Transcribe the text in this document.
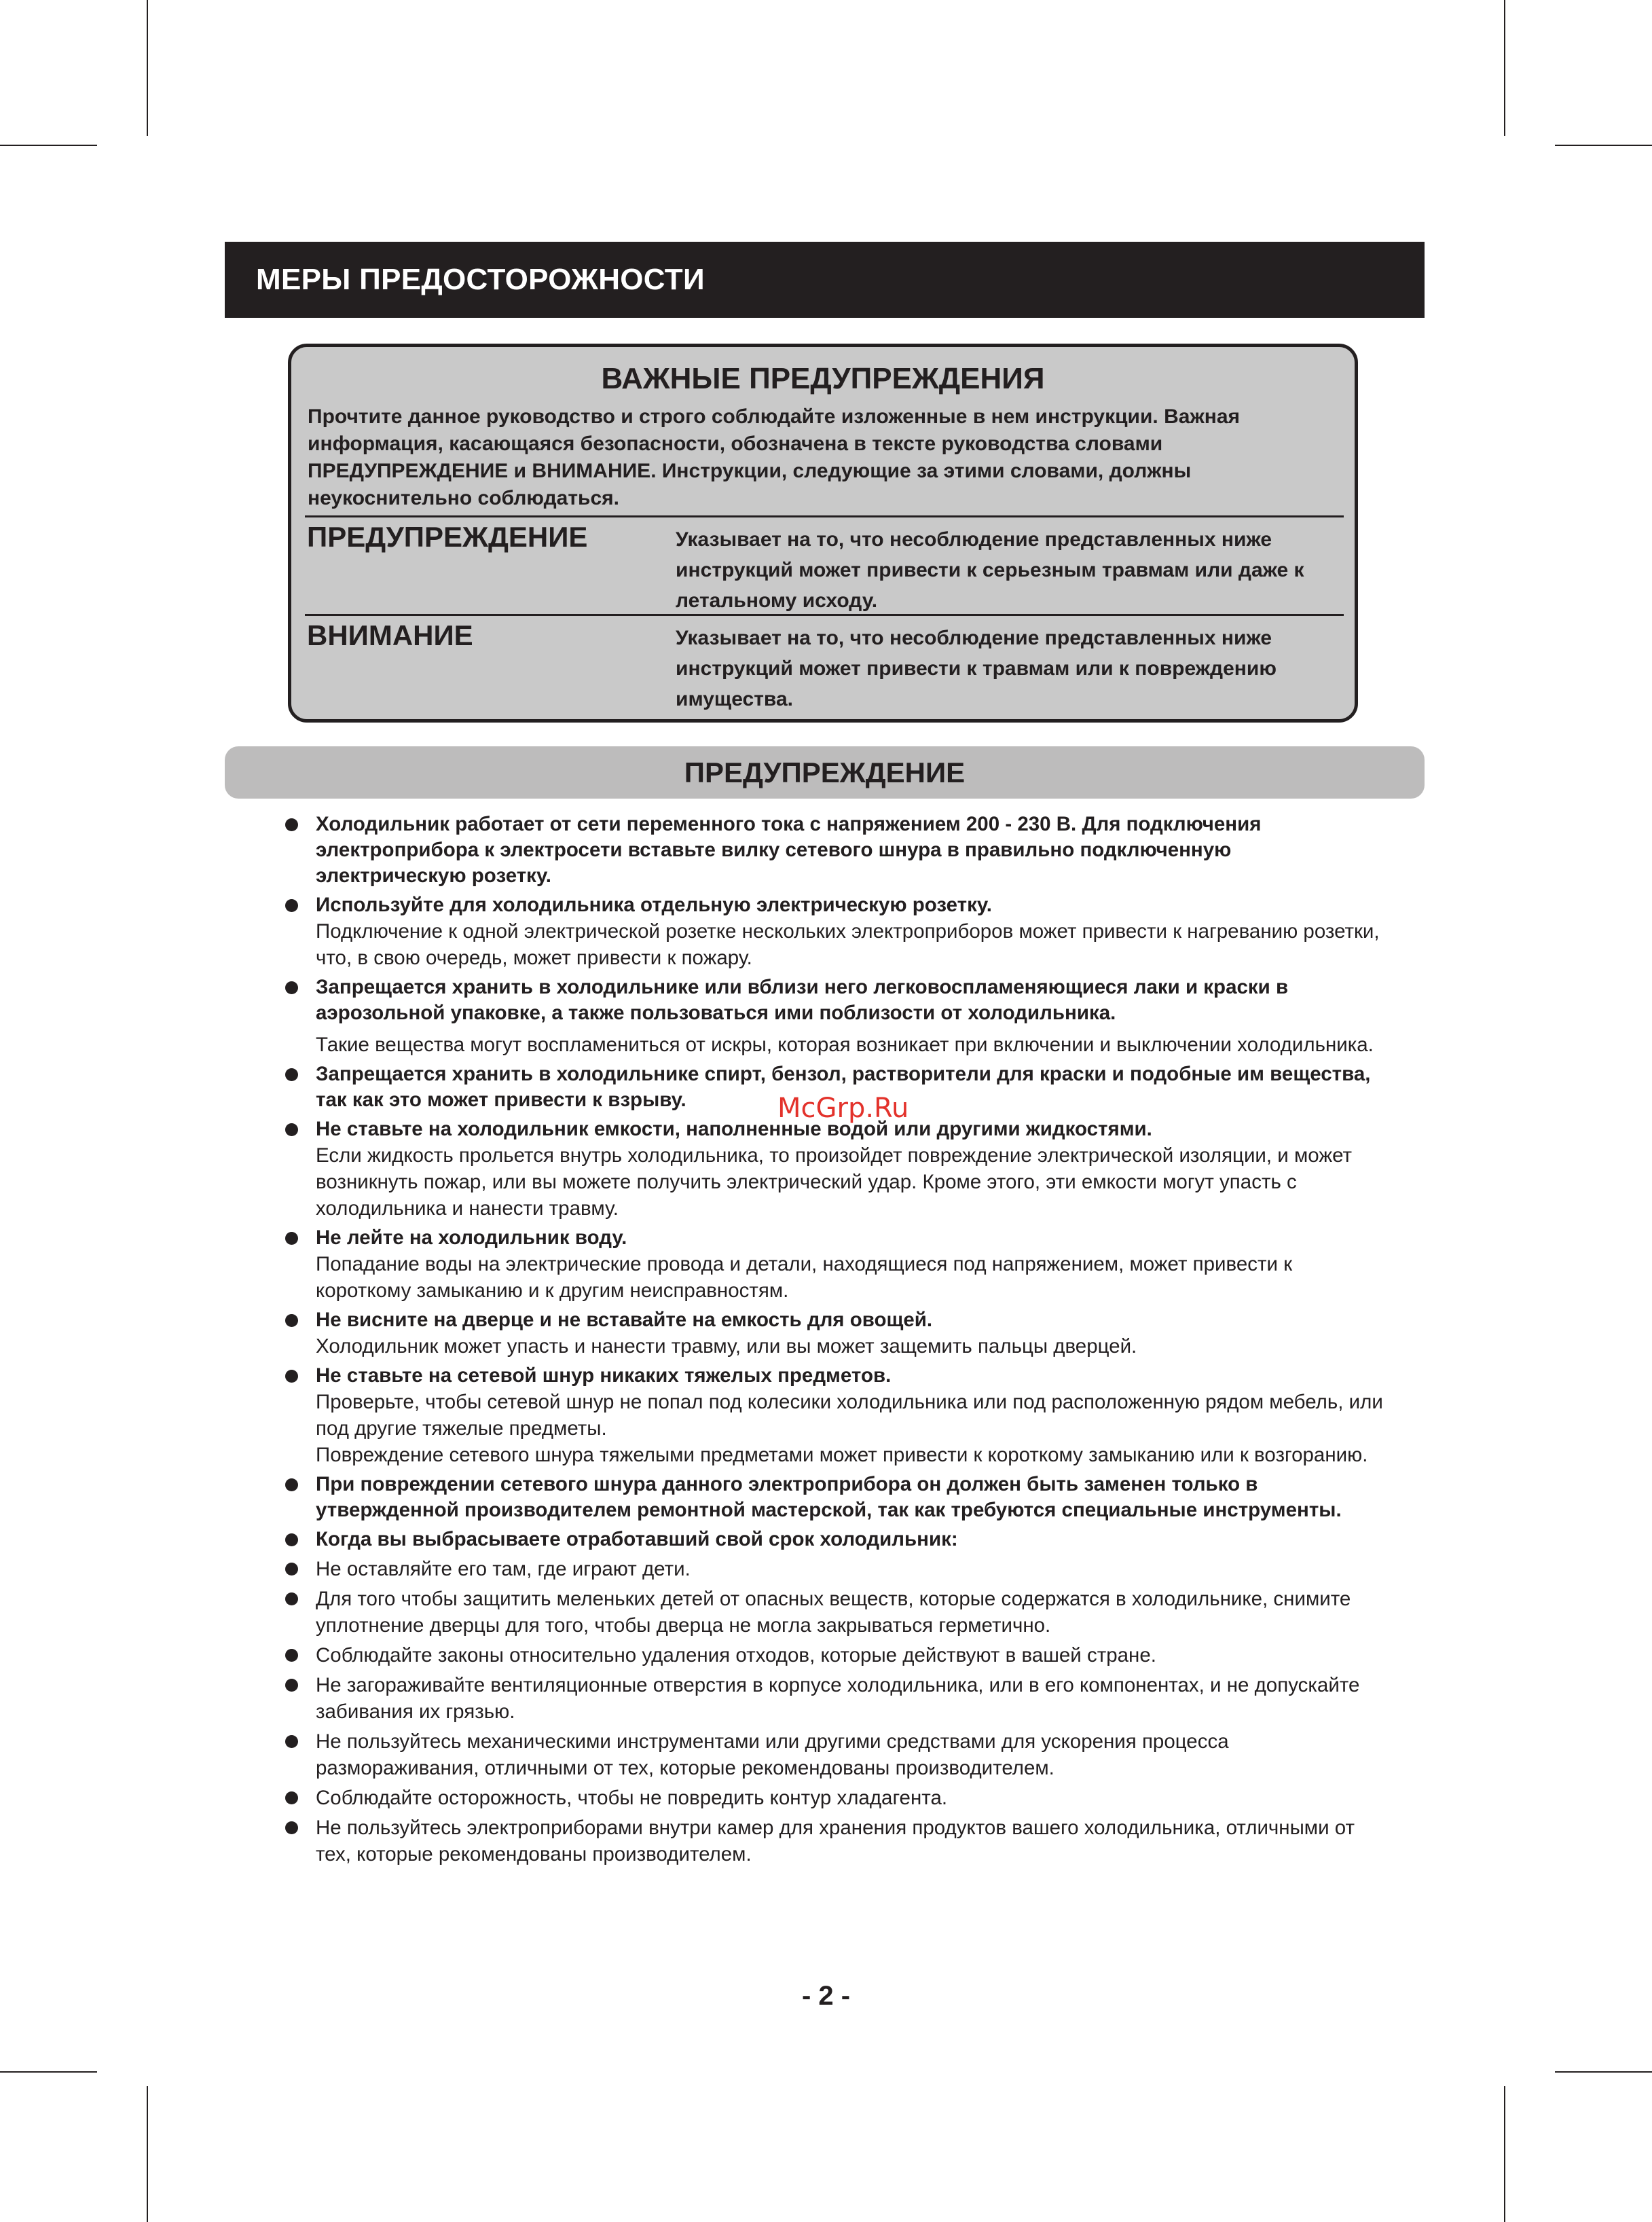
МЕРЫ ПРЕДОСТОРОЖНОСТИ
ВАЖНЫЕ ПРЕДУПРЕЖДЕНИЯ
Прочтите данное руководство и строго соблюдайте изложенные в нем инструкции. Важная информация, касающаяся безопасности, обозначена в тексте руководства словами ПРЕДУПРЕЖДЕНИЕ и ВНИМАНИЕ. Инструкции, следующие за этими словами, должны неукоснительно соблюдаться.
ПРЕДУПРЕЖДЕНИЕ	Указывает на то, что несоблюдение представленных ниже инструкций может привести к серьезным травмам или даже к летальному исходу.
ВНИМАНИЕ	Указывает на то, что несоблюдение представленных ниже инструкций может привести к травмам или к повреждению имущества.
ПРЕДУПРЕЖДЕНИЕ
Холодильник работает от сети переменного тока с напряжением 200 - 230 В. Для подключения электроприбора к электросети вставьте вилку сетевого шнура в правильно подключенную электрическую розетку.
Используйте для холодильника отдельную электрическую розетку.
Подключение к одной электрической розетке нескольких электроприборов может привести к нагреванию розетки, что, в свою очередь, может привести к пожару.
Запрещается хранить в холодильнике или вблизи него легковоспламеняющиеся лаки и краски в аэрозольной упаковке, а также пользоваться ими поблизости от холодильника.
Такие вещества могут воспламениться от искры, которая возникает при включении и выключении холодильника.
Запрещается хранить в холодильнике спирт, бензол, растворители для краски и подобные им вещества, так как это может привести к взрыву.
Не ставьте на холодильник емкости, наполненные водой или другими жидкостями.
Если жидкость прольется внутрь холодильника, то произойдет повреждение электрической изоляции, и может возникнуть пожар, или вы можете получить электрический удар. Кроме этого, эти емкости могут упасть с холодильника и нанести травму.
Не лейте на холодильник воду.
Попадание воды на электрические провода и детали, находящиеся под напряжением, может привести к короткому замыканию и к другим неисправностям.
Не висните на дверце и не вставайте на емкость для овощей.
Холодильник может упасть и нанести травму, или вы может защемить пальцы дверцей.
Не ставьте на сетевой шнур никаких тяжелых предметов.
Проверьте, чтобы сетевой шнур не попал под колесики холодильника или под расположенную рядом мебель, или под другие тяжелые предметы.
Повреждение сетевого шнура тяжелыми предметами может привести к короткому замыканию или к возгоранию.
При повреждении сетевого шнура данного электроприбора он должен быть заменен только в утвержденной производителем ремонтной мастерской, так как требуются специальные инструменты.
Когда вы выбрасываете отработавший свой срок холодильник:
Не оставляйте его там, где играют дети.
Для того чтобы защитить меленьких детей от опасных веществ, которые содержатся в холодильнике, снимите уплотнение дверцы для того, чтобы дверца не могла закрываться герметично.
Соблюдайте законы относительно удаления отходов, которые действуют в вашей стране.
Не загораживайте вентиляционные отверстия в корпусе холодильника, или в его компонентах, и не допускайте забивания их грязью.
Не пользуйтесь механическими инструментами или другими средствами для ускорения процесса размораживания, отличными от тех, которые рекомендованы производителем.
Соблюдайте осторожность, чтобы не повредить контур хладагента.
Не пользуйтесь электроприборами внутри камер для хранения продуктов вашего холодильника, отличными от тех, которые рекомендованы производителем.
McGrp.Ru
- 2 -
